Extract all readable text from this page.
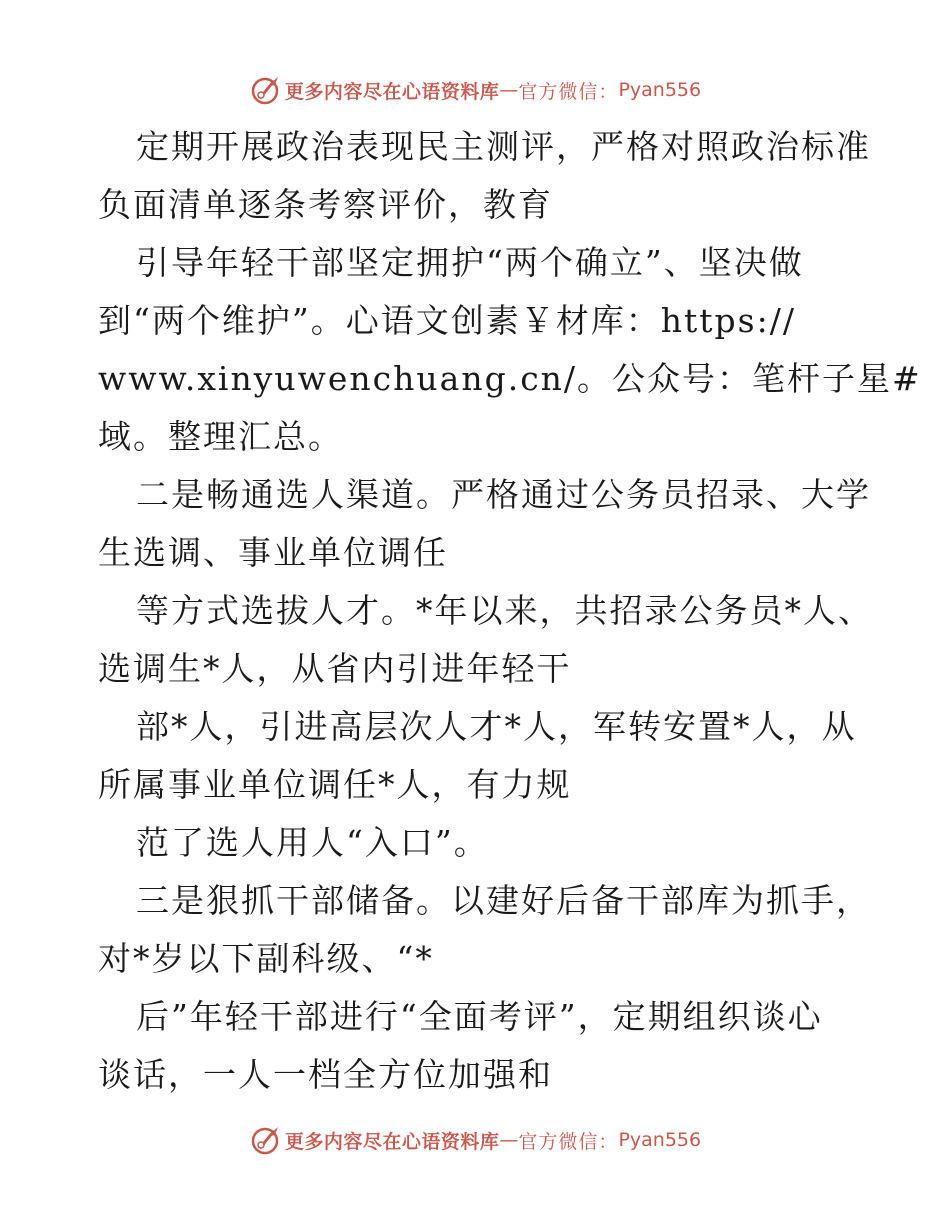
更多内容尽在心语资料库 — 官方微信： Pyan556
定期开展政治表现民主测评，严格对照政治标准
负面清单逐条考察评价，教育
引导年轻干部坚定拥护“两个确立”、坚决做
到“两个维护”。心语文创素￥材库：https://
www.xinyuwenchuang.cn/。公众号：笔杆子星#
域。整理汇总。
二是畅通选人渠道。严格通过公务员招录、大学
生选调、事业单位调任
等方式选拔人才。*年以来，共招录公务员*人、
选调生*人，从省内引进年轻干
部*人，引进高层次人才*人，军转安置*人，从
所属事业单位调任*人，有力规
范了选人用人“入口”。
三是狠抓干部储备。以建好后备干部库为抓手，
对*岁以下副科级、“*
后”年轻干部进行“全面考评”，定期组织谈心
谈话，一人一档全方位加强和
更多内容尽在心语资料库 — 官方微信： Pyan556
